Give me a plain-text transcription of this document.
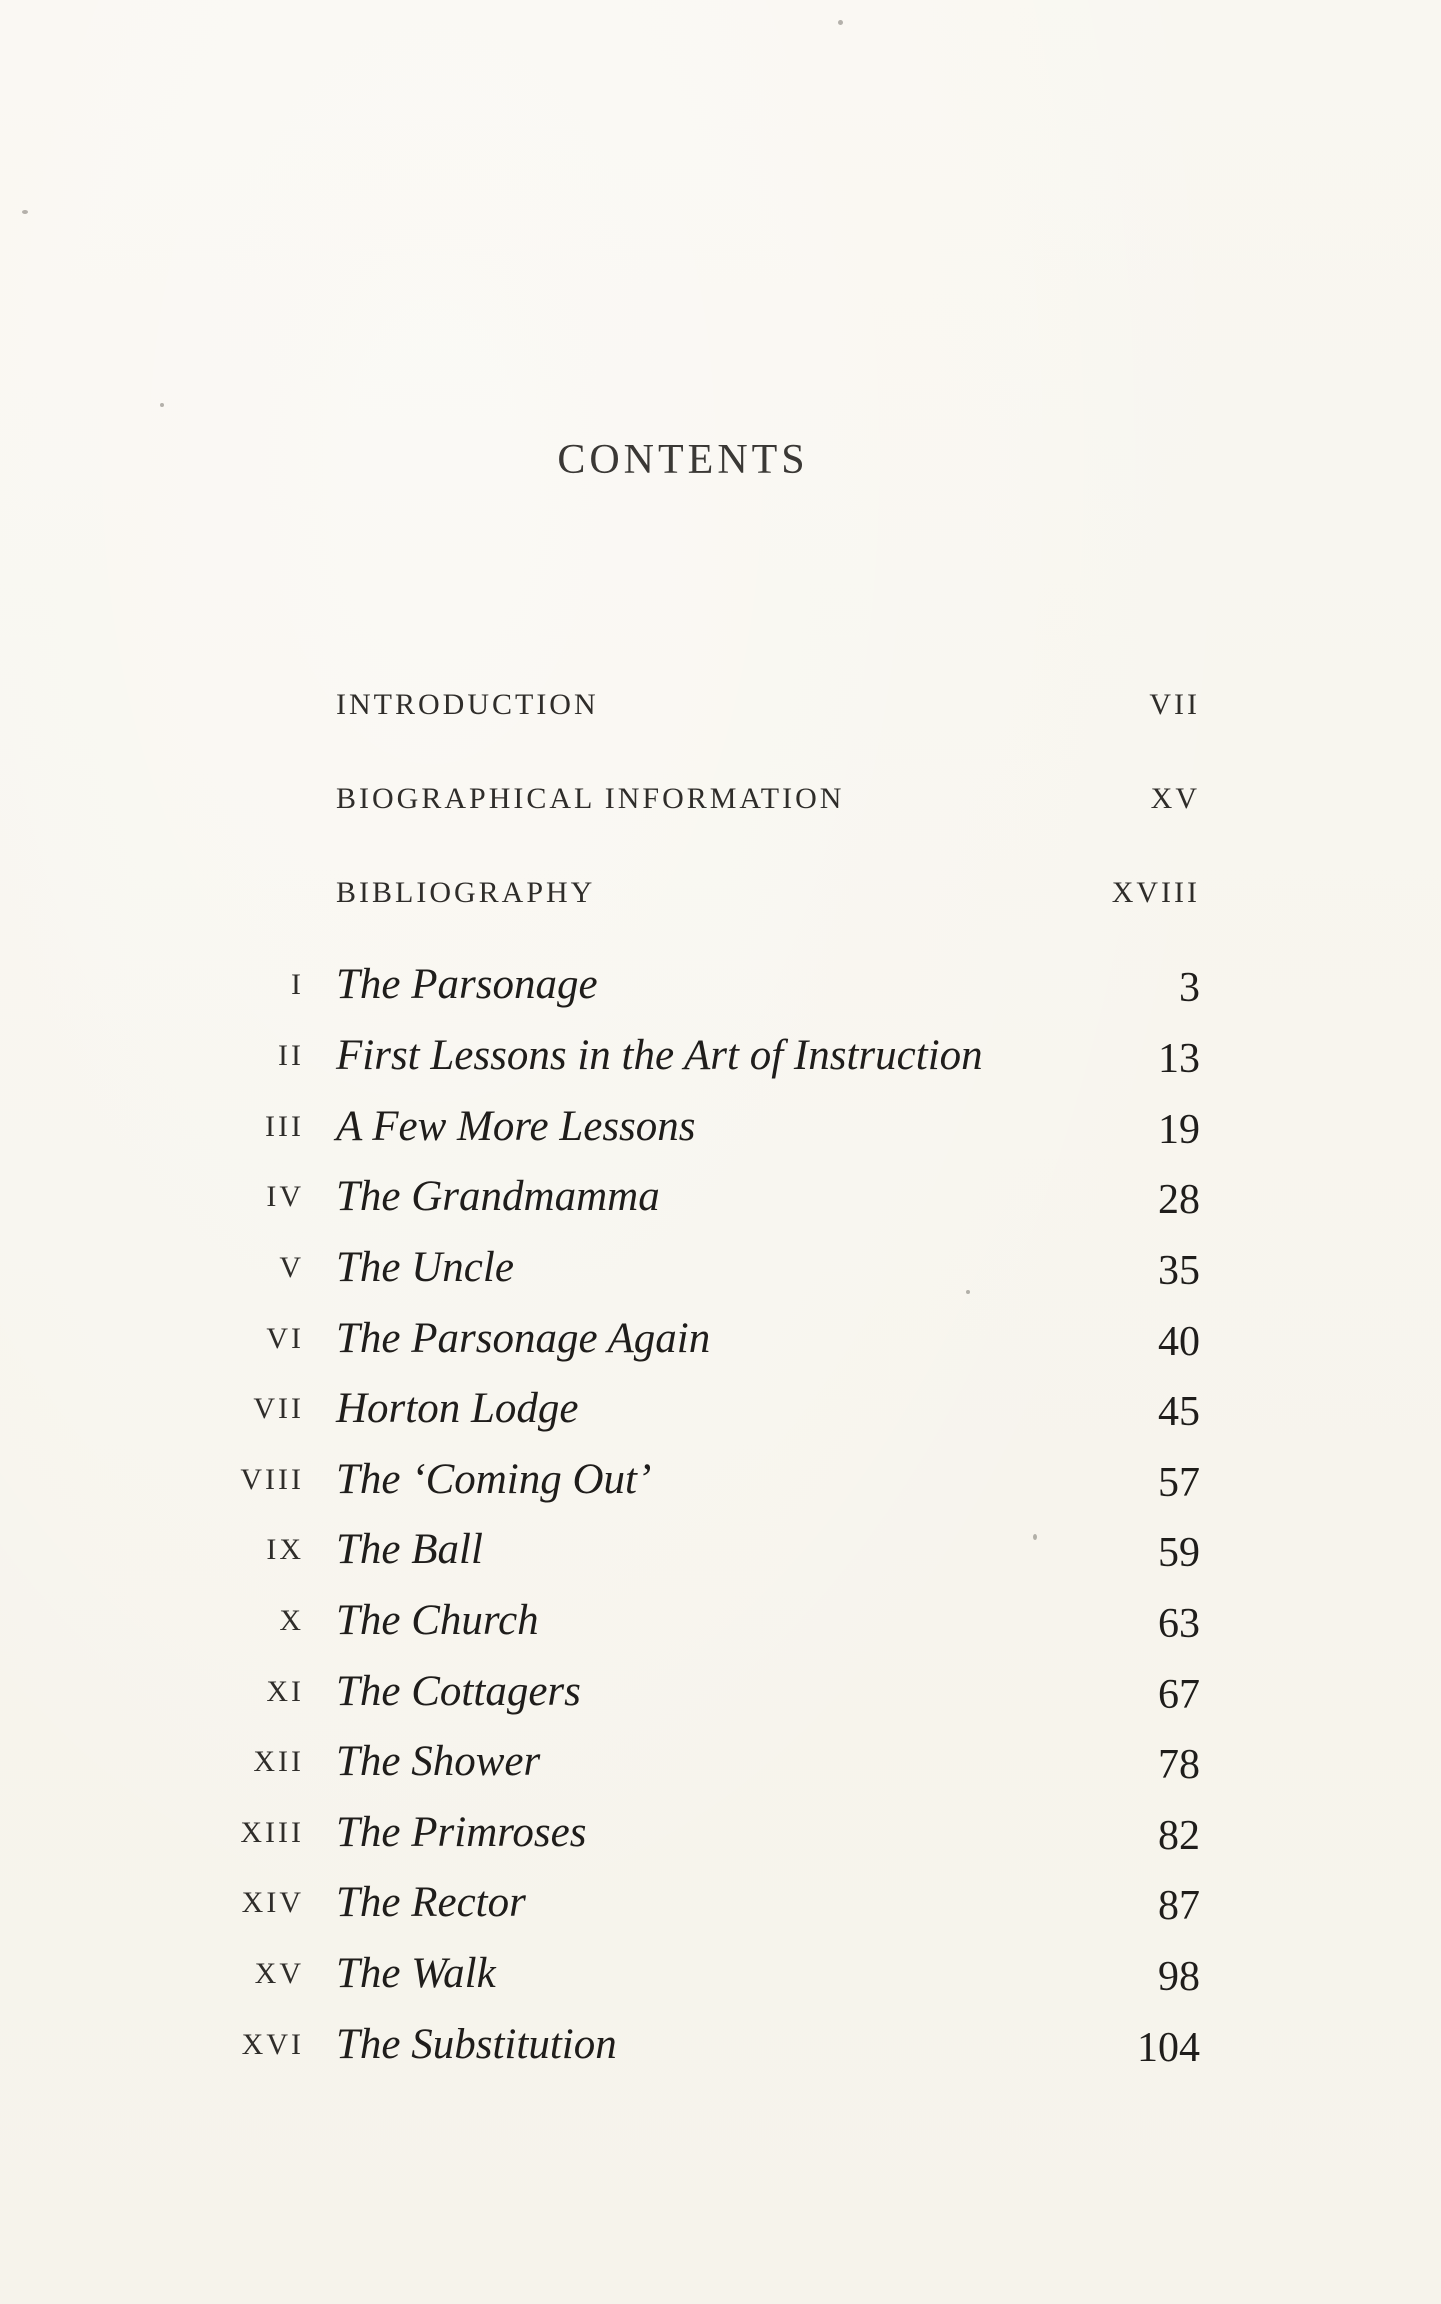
CONTENTS
INTRODUCTION	VII
BIOGRAPHICAL INFORMATION	XV
BIBLIOGRAPHY	XVIII
I The Parsonage	3
II First Lessons in the Art of Instruction	13
III A Few More Lessons	19
IV The Grandmamma	28
V The Uncle	35
VI The Parsonage Again	40
VII Horton Lodge	45
VIII The ‘Coming Out’	57
IX The Ball	59
X The Church	63
XI The Cottagers	67
XII The Shower	78
XIII The Primroses	82
XIV The Rector	87
XV The Walk	98
XVI The Substitution	104
